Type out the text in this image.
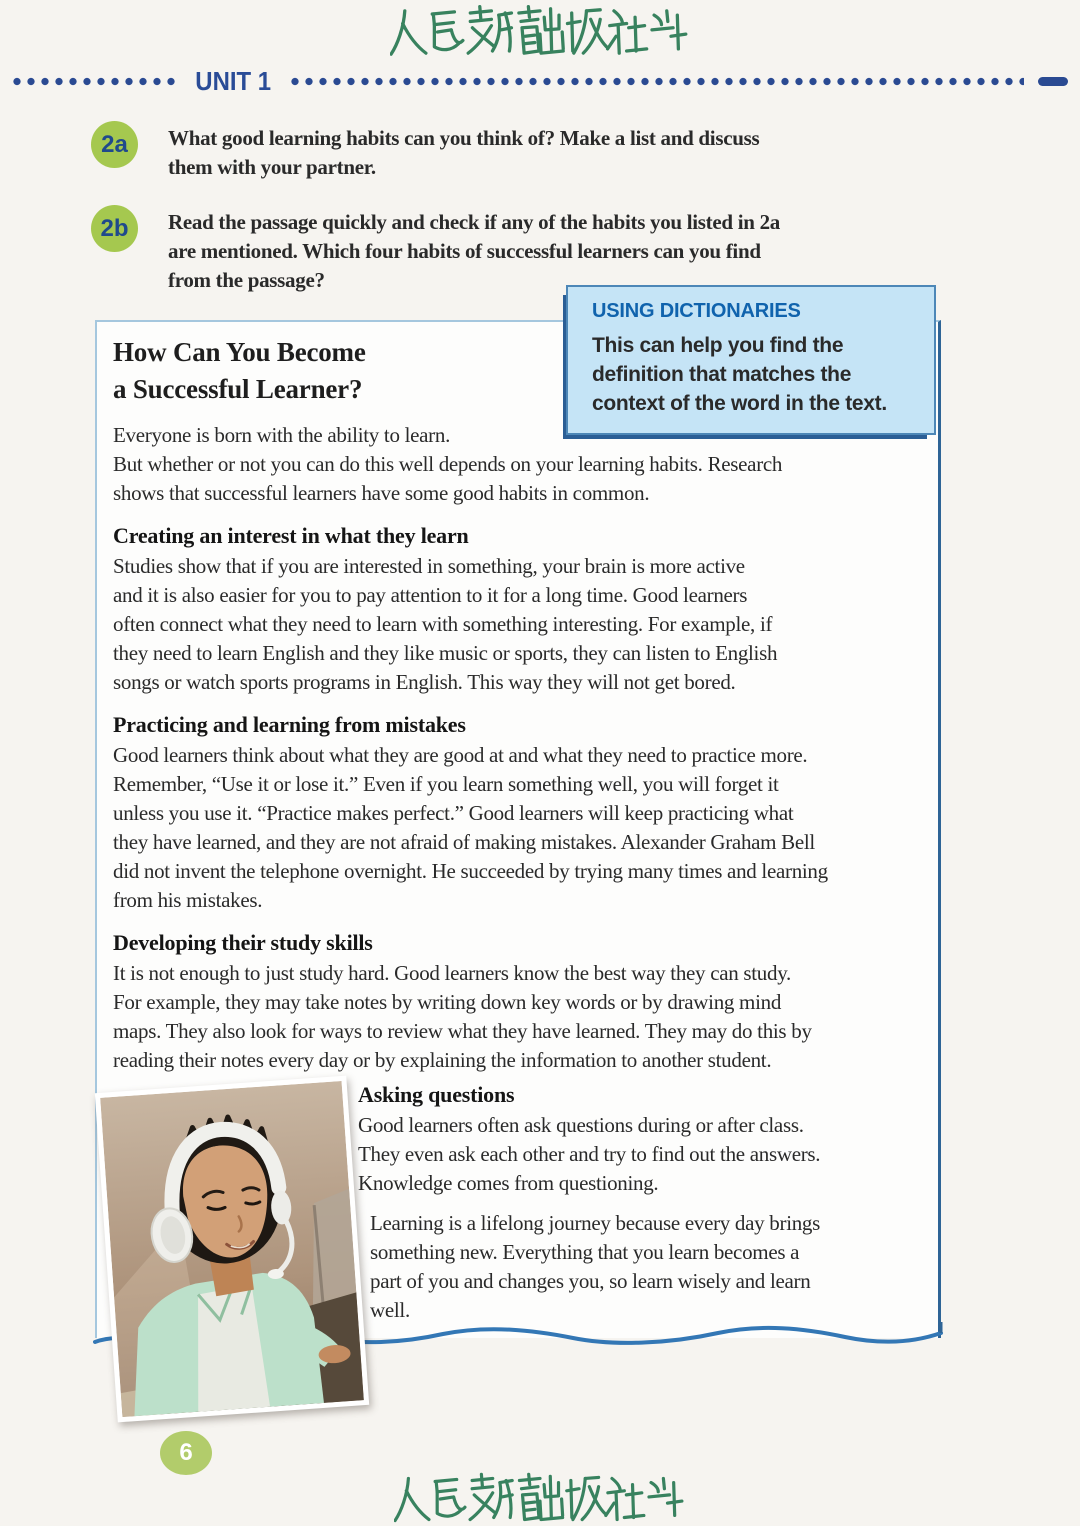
UNIT 1
2a	What good learning habits can you think of? Make a list and discuss
them with your partner.
2b	Read the passage quickly and check if any of the habits you listed in 2a
are mentioned. Which four habits of successful learners can you find
from the passage?
USING DICTIONARIES
This can help you find the
definition that matches the
context of the word in the text.
How Can You Become
a Successful Learner?
Everyone is born with the ability to learn.
But whether or not you can do this well depends on your learning habits. Research
shows that successful learners have some good habits in common.
Creating an interest in what they learn
Studies show that if you are interested in something, your brain is more active
and it is also easier for you to pay attention to it for a long time. Good learners
often connect what they need to learn with something interesting. For example, if
they need to learn English and they like music or sports, they can listen to English
songs or watch sports programs in English. This way they will not get bored.
Practicing and learning from mistakes
Good learners think about what they are good at and what they need to practice more.
Remember, “Use it or lose it.” Even if you learn something well, you will forget it
unless you use it. “Practice makes perfect.” Good learners will keep practicing what
they have learned, and they are not afraid of making mistakes. Alexander Graham Bell
did not invent the telephone overnight. He succeeded by trying many times and learning
from his mistakes.
Developing their study skills
It is not enough to just study hard. Good learners know the best way they can study.
For example, they may take notes by writing down key words or by drawing mind
maps. They also look for ways to review what they have learned. They may do this by
reading their notes every day or by explaining the information to another student.
Asking questions
Good learners often ask questions during or after class.
They even ask each other and try to find out the answers.
Knowledge comes from questioning.
Learning is a lifelong journey because every day brings
something new. Everything that you learn becomes a
part of you and changes you, so learn wisely and learn
well.
6
